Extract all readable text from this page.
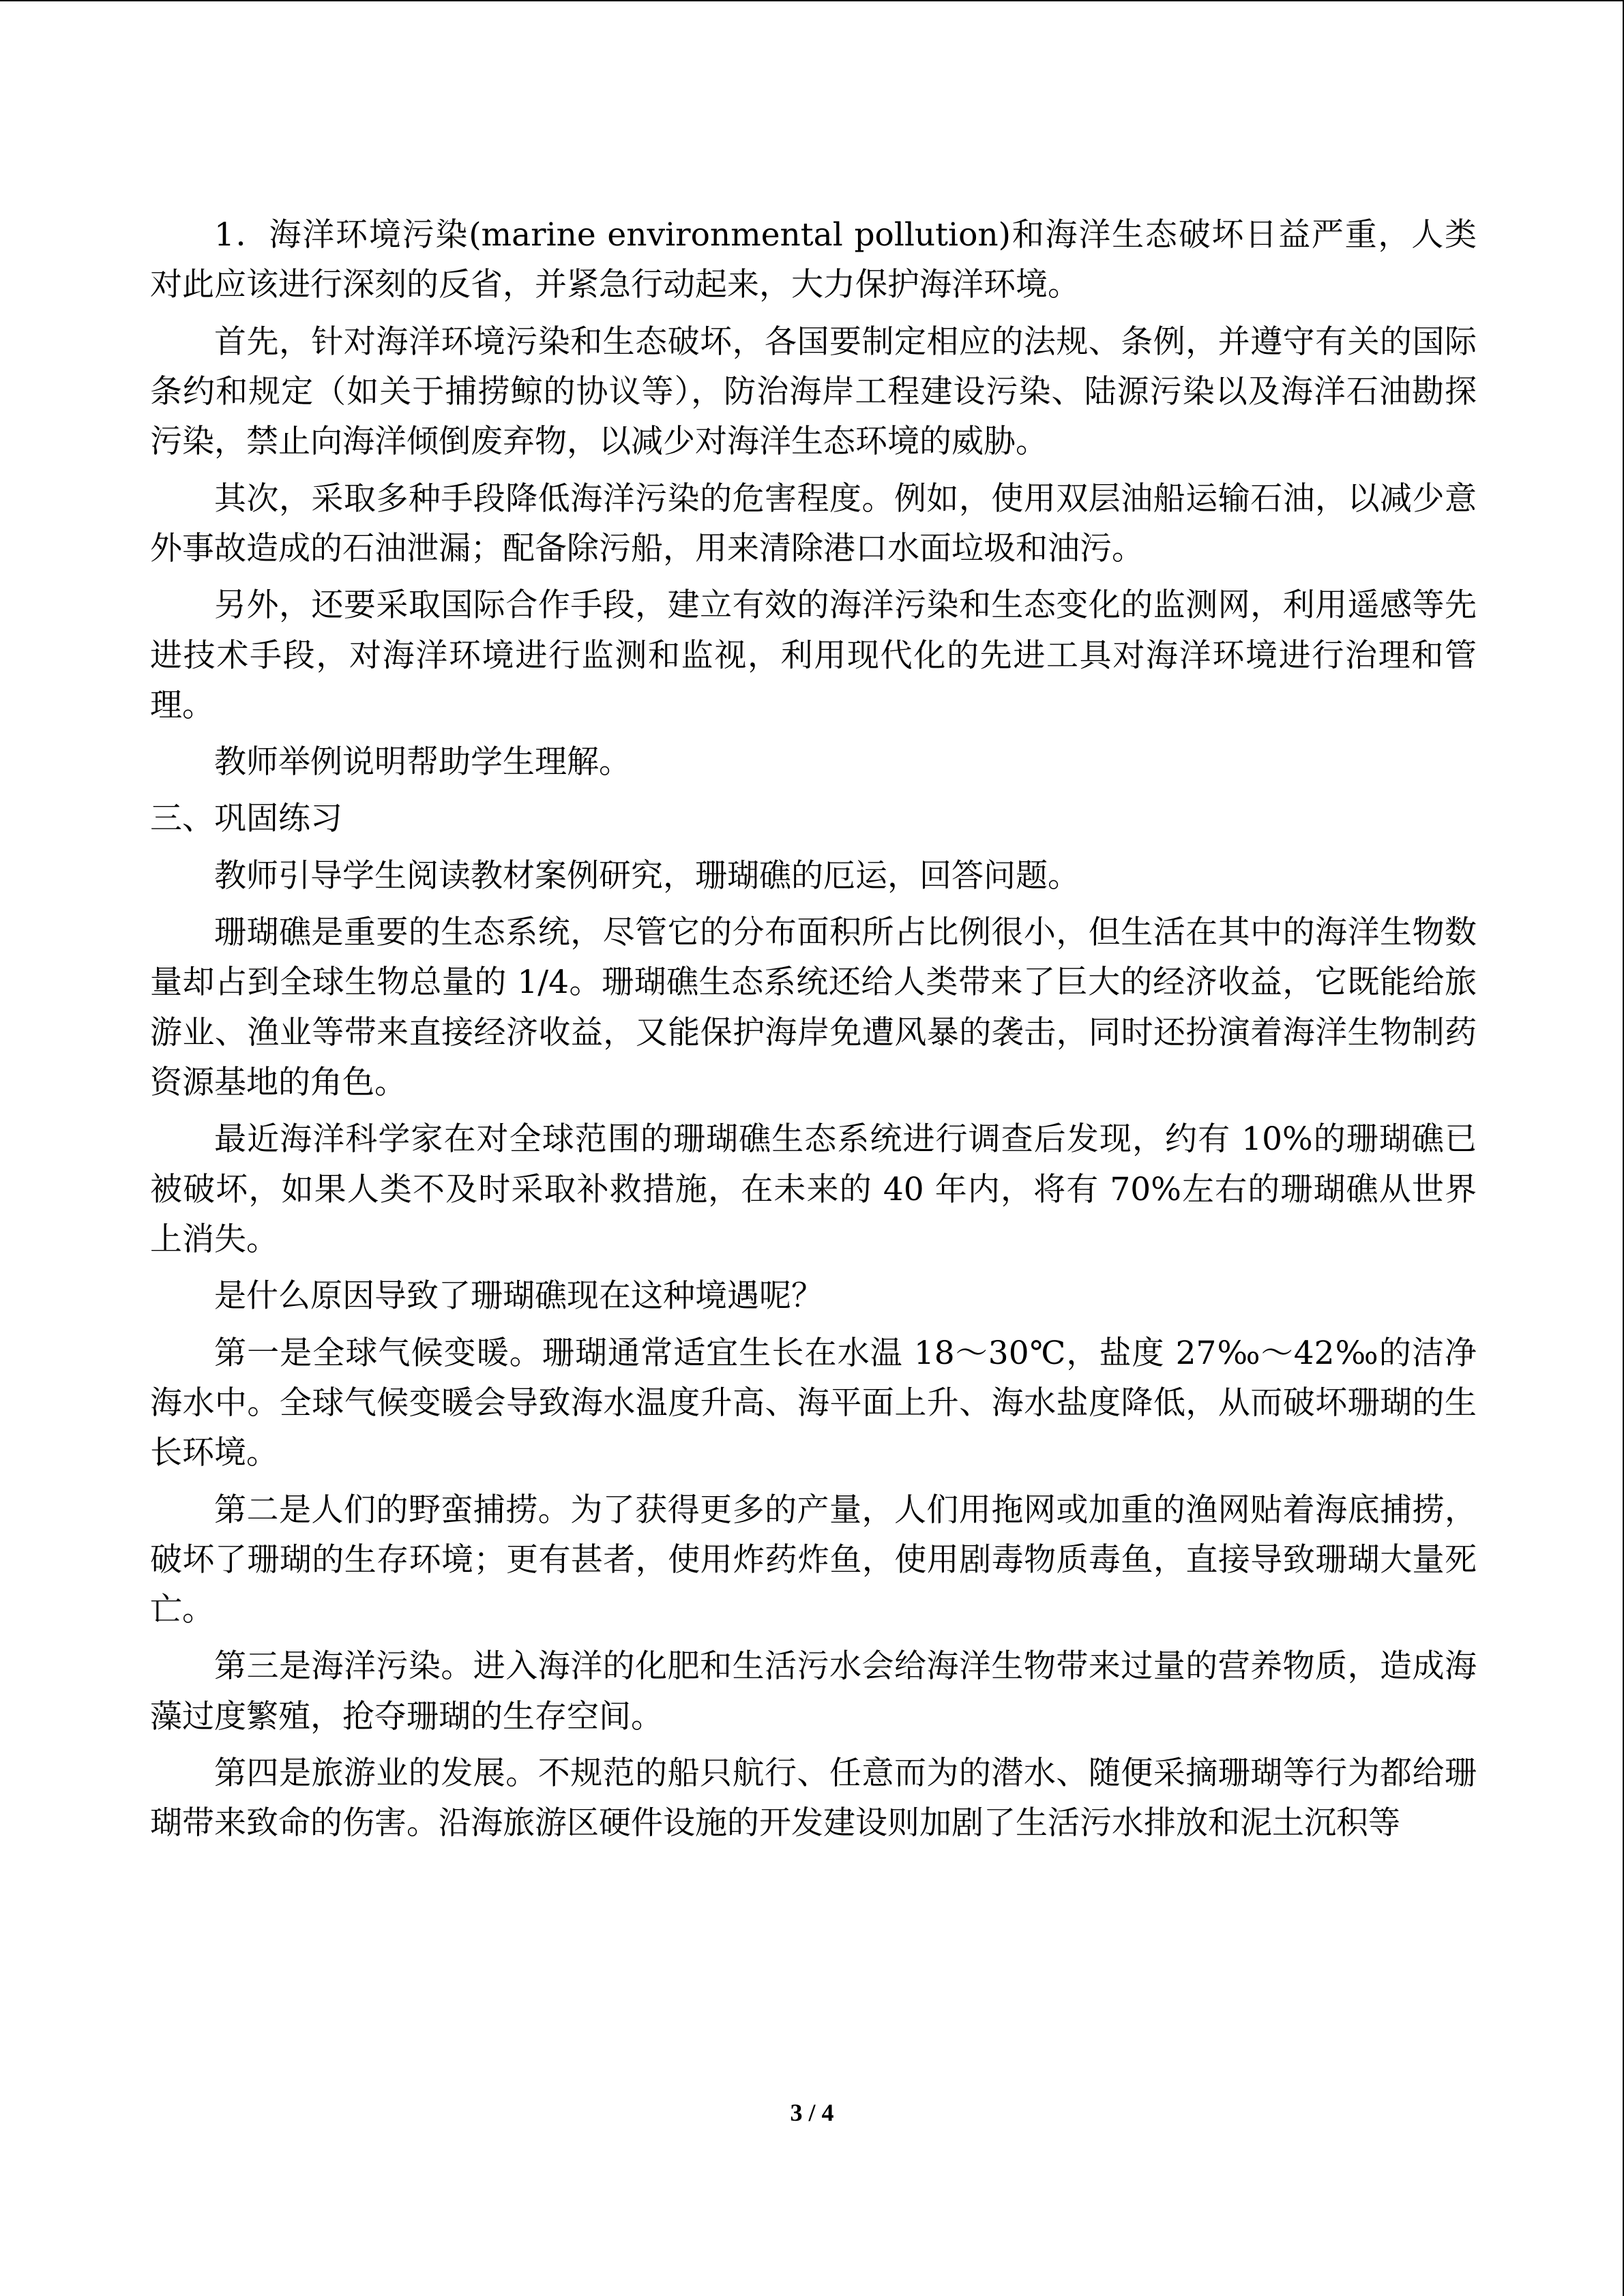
1．海洋环境污染(marine environmental pollution)和海洋生态破坏日益严重，人类对此应该进行深刻的反省，并紧急行动起来，大力保护海洋环境。

首先，针对海洋环境污染和生态破坏，各国要制定相应的法规、条例，并遵守有关的国际条约和规定（如关于捕捞鲸的协议等），防治海岸工程建设污染、陆源污染以及海洋石油勘探污染，禁止向海洋倾倒废弃物，以减少对海洋生态环境的威胁。

其次，采取多种手段降低海洋污染的危害程度。例如，使用双层油船运输石油，以减少意外事故造成的石油泄漏；配备除污船，用来清除港口水面垃圾和油污。

另外，还要采取国际合作手段，建立有效的海洋污染和生态变化的监测网，利用遥感等先进技术手段，对海洋环境进行监测和监视，利用现代化的先进工具对海洋环境进行治理和管理。

教师举例说明帮助学生理解。

三、巩固练习

教师引导学生阅读教材案例研究，珊瑚礁的厄运，回答问题。

珊瑚礁是重要的生态系统，尽管它的分布面积所占比例很小，但生活在其中的海洋生物数量却占到全球生物总量的 1/4。珊瑚礁生态系统还给人类带来了巨大的经济收益，它既能给旅游业、渔业等带来直接经济收益，又能保护海岸免遭风暴的袭击，同时还扮演着海洋生物制药资源基地的角色。

最近海洋科学家在对全球范围的珊瑚礁生态系统进行调查后发现，约有 10%的珊瑚礁已被破坏，如果人类不及时采取补救措施，在未来的 40 年内，将有 70%左右的珊瑚礁从世界上消失。

是什么原因导致了珊瑚礁现在这种境遇呢？

第一是全球气候变暖。珊瑚通常适宜生长在水温 18～30℃，盐度 27‰～42‰的洁净海水中。全球气候变暖会导致海水温度升高、海平面上升、海水盐度降低，从而破坏珊瑚的生长环境。

第二是人们的野蛮捕捞。为了获得更多的产量，人们用拖网或加重的渔网贴着海底捕捞，破坏了珊瑚的生存环境；更有甚者，使用炸药炸鱼，使用剧毒物质毒鱼，直接导致珊瑚大量死亡。

第三是海洋污染。进入海洋的化肥和生活污水会给海洋生物带来过量的营养物质，造成海藻过度繁殖，抢夺珊瑚的生存空间。

第四是旅游业的发展。不规范的船只航行、任意而为的潜水、随便采摘珊瑚等行为都给珊瑚带来致命的伤害。沿海旅游区硬件设施的开发建设则加剧了生活污水排放和泥土沉积等

3 / 4
